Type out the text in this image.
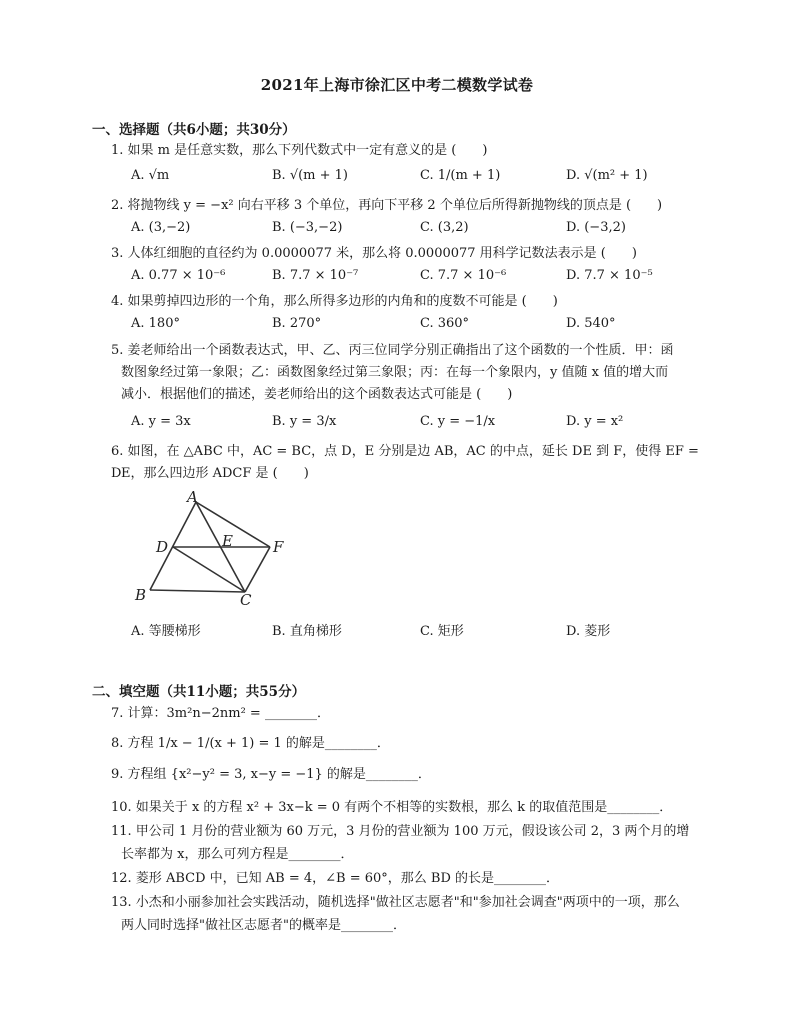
2021年上海市徐汇区中考二模数学试卷
一、选择题（共6小题；共30分）
1. 如果 m 是任意实数，那么下列代数式中一定有意义的是 (　　)
A. √m	B. √(m + 1)	C. 1/(m + 1)	D. √(m² + 1)
2. 将抛物线 y = −x² 向右平移 3 个单位，再向下平移 2 个单位后所得新抛物线的顶点是 (　　)
A. (3,−2)	B. (−3,−2)	C. (3,2)	D. (−3,2)
3. 人体红细胞的直径约为 0.0000077 米，那么将 0.0000077 用科学记数法表示是 (　　)
A. 0.77 × 10⁻⁶	B. 7.7 × 10⁻⁷	C. 7.7 × 10⁻⁶	D. 7.7 × 10⁻⁵
4. 如果剪掉四边形的一个角，那么所得多边形的内角和的度数不可能是 (　　)
A. 180°	B. 270°	C. 360°	D. 540°
5. 姜老师给出一个函数表达式，甲、乙、丙三位同学分别正确指出了这个函数的一个性质．甲：函
数图象经过第一象限；乙：函数图象经过第三象限；丙：在每一个象限内，y 值随 x 值的增大而
减小．根据他们的描述，姜老师给出的这个函数表达式可能是 (　　)
A. y = 3x	B. y = 3/x	C. y = −1/x	D. y = x²
6. 如图，在 △ABC 中，AC = BC，点 D，E 分别是边 AB，AC 的中点，延长 DE 到 F，使得 EF = D E，那么四边形 ADCF 是 (　　)
A
D	E	F
B	C
A. 等腰梯形	B. 直角梯形	C. 矩形	D. 菱形
二、填空题（共11小题；共55分）
7. 计算：3m²n−2nm² = ________．
8. 方程 1/x − 1/(x + 1) = 1 的解是________．
9. 方程组 {x²−y² = 3, x−y = −1} 的解是________．
10. 如果关于 x 的方程 x² + 3x−k = 0 有两个不相等的实数根，那么 k 的取值范围是________．
11. 甲公司 1 月份的营业额为 60 万元，3 月份的营业额为 100 万元，假设该公司 2，3 两个月的增
长率都为 x，那么可列方程是________．
12. 菱形 ABCD 中，已知 AB = 4，∠B = 60°，那么 BD 的长是________．
13. 小杰和小丽参加社会实践活动，随机选择"做社区志愿者"和"参加社会调查"两项中的一项，那么
两人同时选择"做社区志愿者"的概率是________．
